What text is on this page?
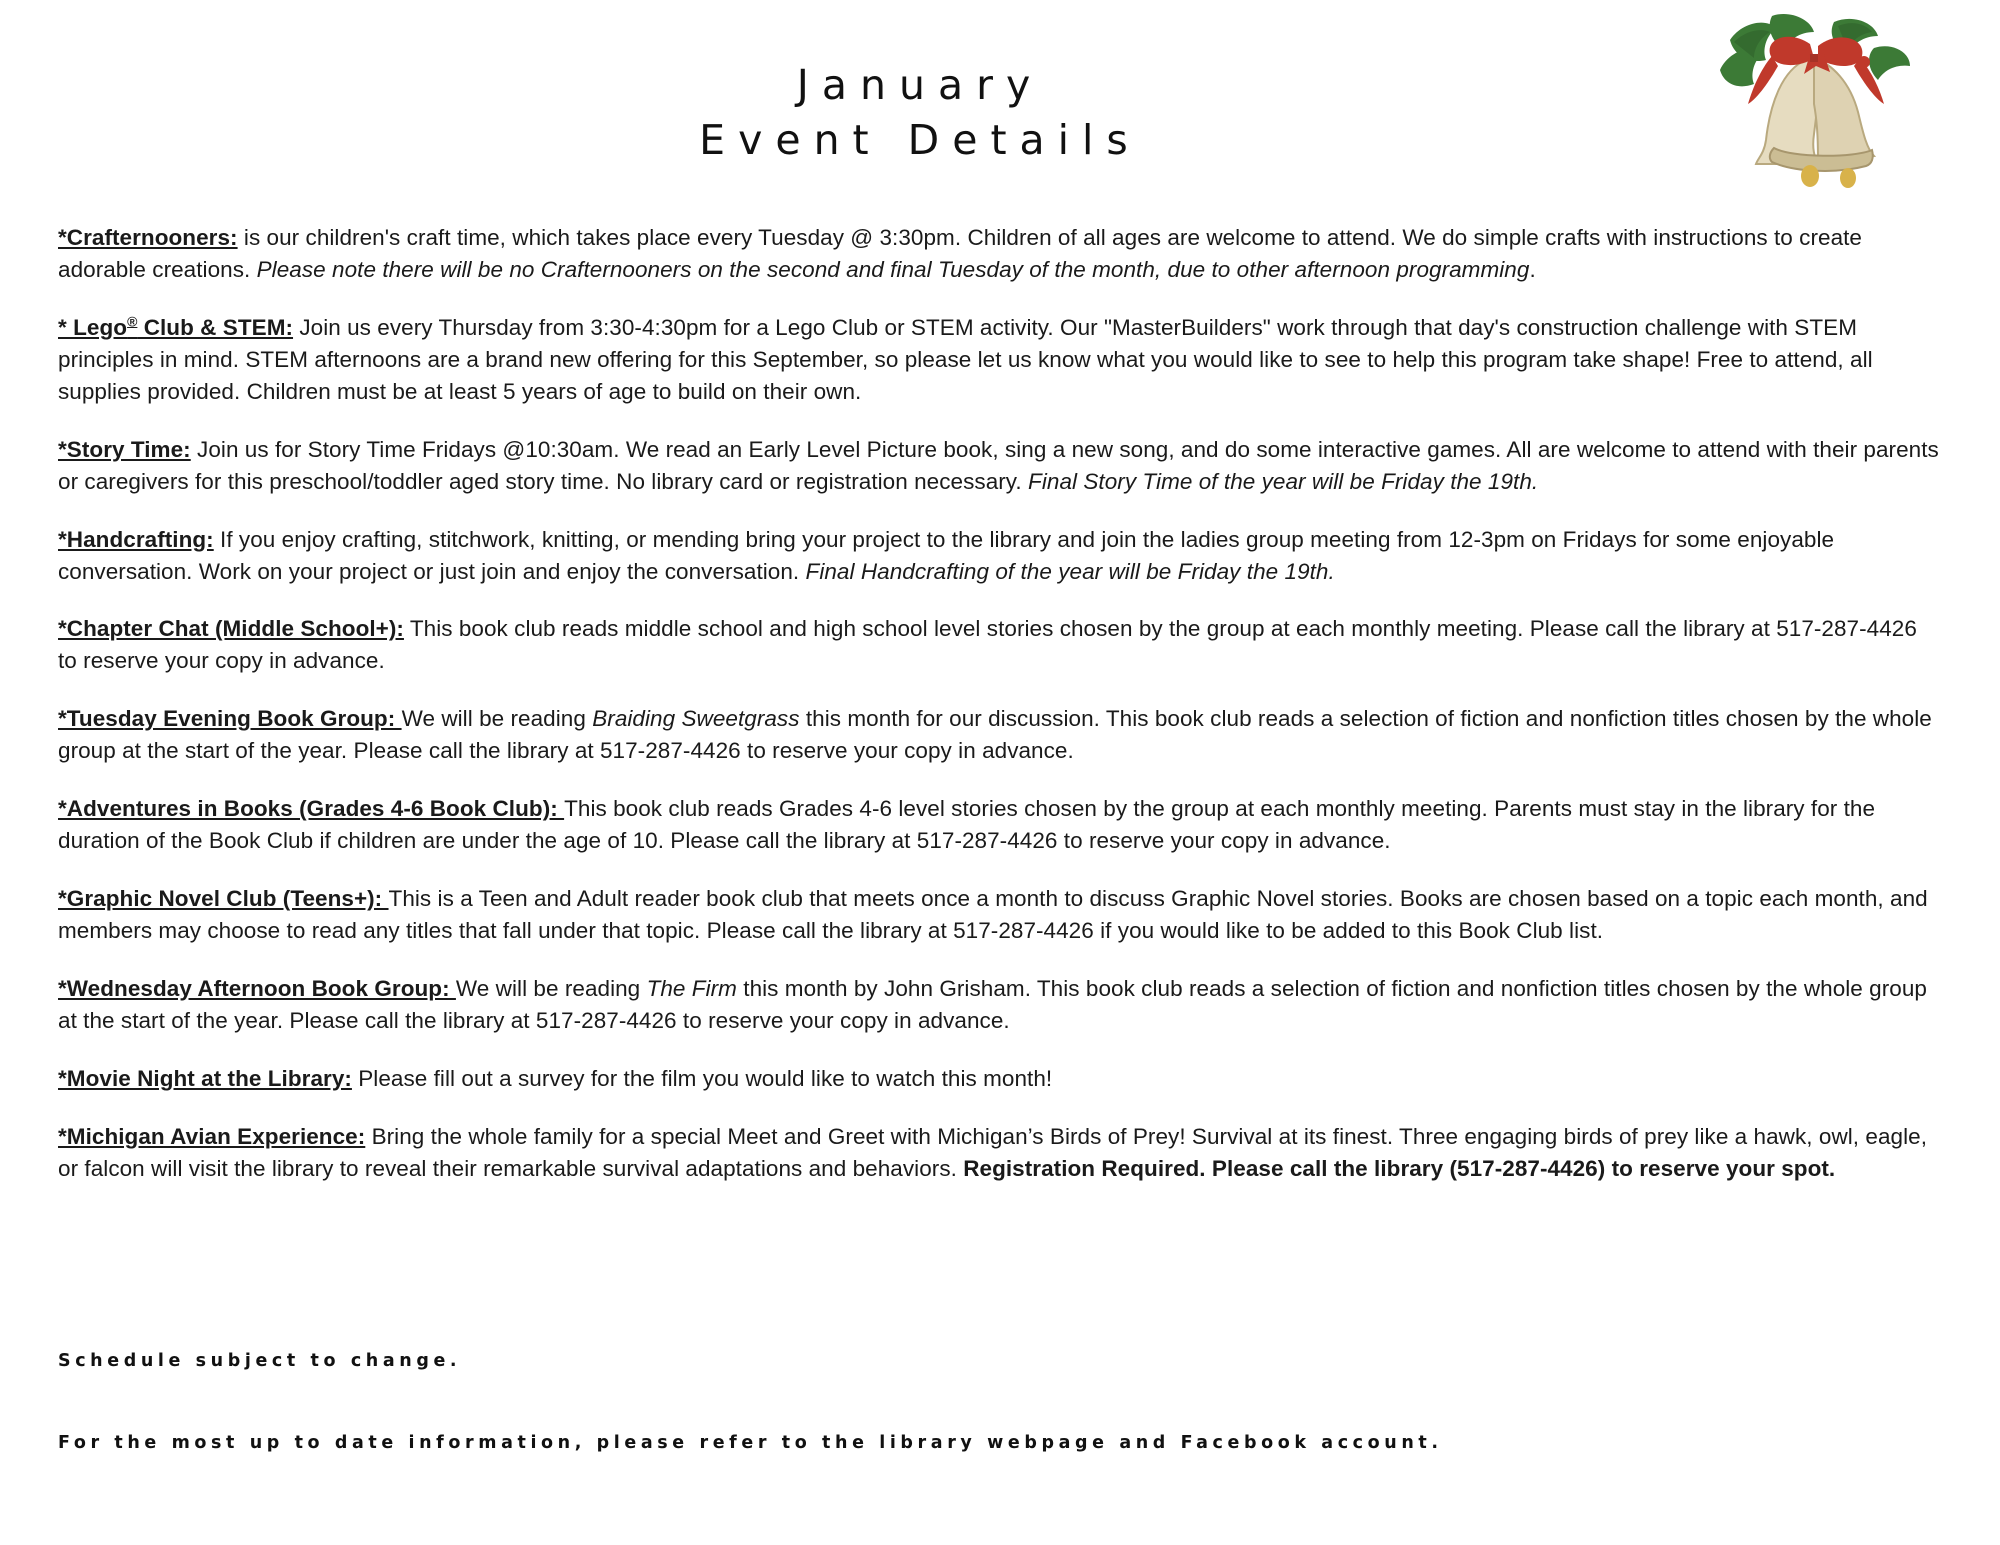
January
Event Details

*Crafternooners: is our children's craft time, which takes place every Tuesday @ 3:30pm. Children of all ages are welcome to attend. We do simple crafts with instructions to create adorable creations. Please note there will be no Crafternooners on the second and final Tuesday of the month, due to other afternoon programming.

* Lego® Club & STEM: Join us every Thursday from 3:30-4:30pm for a Lego Club or STEM activity. Our "MasterBuilders" work through that day's construction challenge with STEM principles in mind. STEM afternoons are a brand new offering for this September, so please let us know what you would like to see to help this program take shape! Free to attend, all supplies provided. Children must be at least 5 years of age to build on their own.

*Story Time: Join us for Story Time Fridays @10:30am. We read an Early Level Picture book, sing a new song, and do some interactive games. All are welcome to attend with their parents or caregivers for this preschool/toddler aged story time. No library card or registration necessary. Final Story Time of the year will be Friday the 19th.

*Handcrafting: If you enjoy crafting, stitchwork, knitting, or mending bring your project to the library and join the ladies group meeting from 12-3pm on Fridays for some enjoyable conversation. Work on your project or just join and enjoy the conversation. Final Handcrafting of the year will be Friday the 19th.

*Chapter Chat (Middle School+): This book club reads middle school and high school level stories chosen by the group at each monthly meeting. Please call the library at 517-287-4426 to reserve your copy in advance.

*Tuesday Evening Book Group: We will be reading Braiding Sweetgrass this month for our discussion. This book club reads a selection of fiction and nonfiction titles chosen by the whole group at the start of the year. Please call the library at 517-287-4426 to reserve your copy in advance.

*Adventures in Books (Grades 4-6 Book Club): This book club reads Grades 4-6 level stories chosen by the group at each monthly meeting. Parents must stay in the library for the duration of the Book Club if children are under the age of 10. Please call the library at 517-287-4426 to reserve your copy in advance.

*Graphic Novel Club (Teens+): This is a Teen and Adult reader book club that meets once a month to discuss Graphic Novel stories. Books are chosen based on a topic each month, and members may choose to read any titles that fall under that topic. Please call the library at 517-287-4426 if you would like to be added to this Book Club list.

*Wednesday Afternoon Book Group: We will be reading The Firm this month by John Grisham. This book club reads a selection of fiction and nonfiction titles chosen by the whole group at the start of the year. Please call the library at 517-287-4426 to reserve your copy in advance.

*Movie Night at the Library: Please fill out a survey for the film you would like to watch this month!

*Michigan Avian Experience: Bring the whole family for a special Meet and Greet with Michigan’s Birds of Prey! Survival at its finest. Three engaging birds of prey like a hawk, owl, eagle, or falcon will visit the library to reveal their remarkable survival adaptations and behaviors. Registration Required. Please call the library (517-287-4426) to reserve your spot.

Schedule subject to change.

For the most up to date information, please refer to the library webpage and Facebook account.
